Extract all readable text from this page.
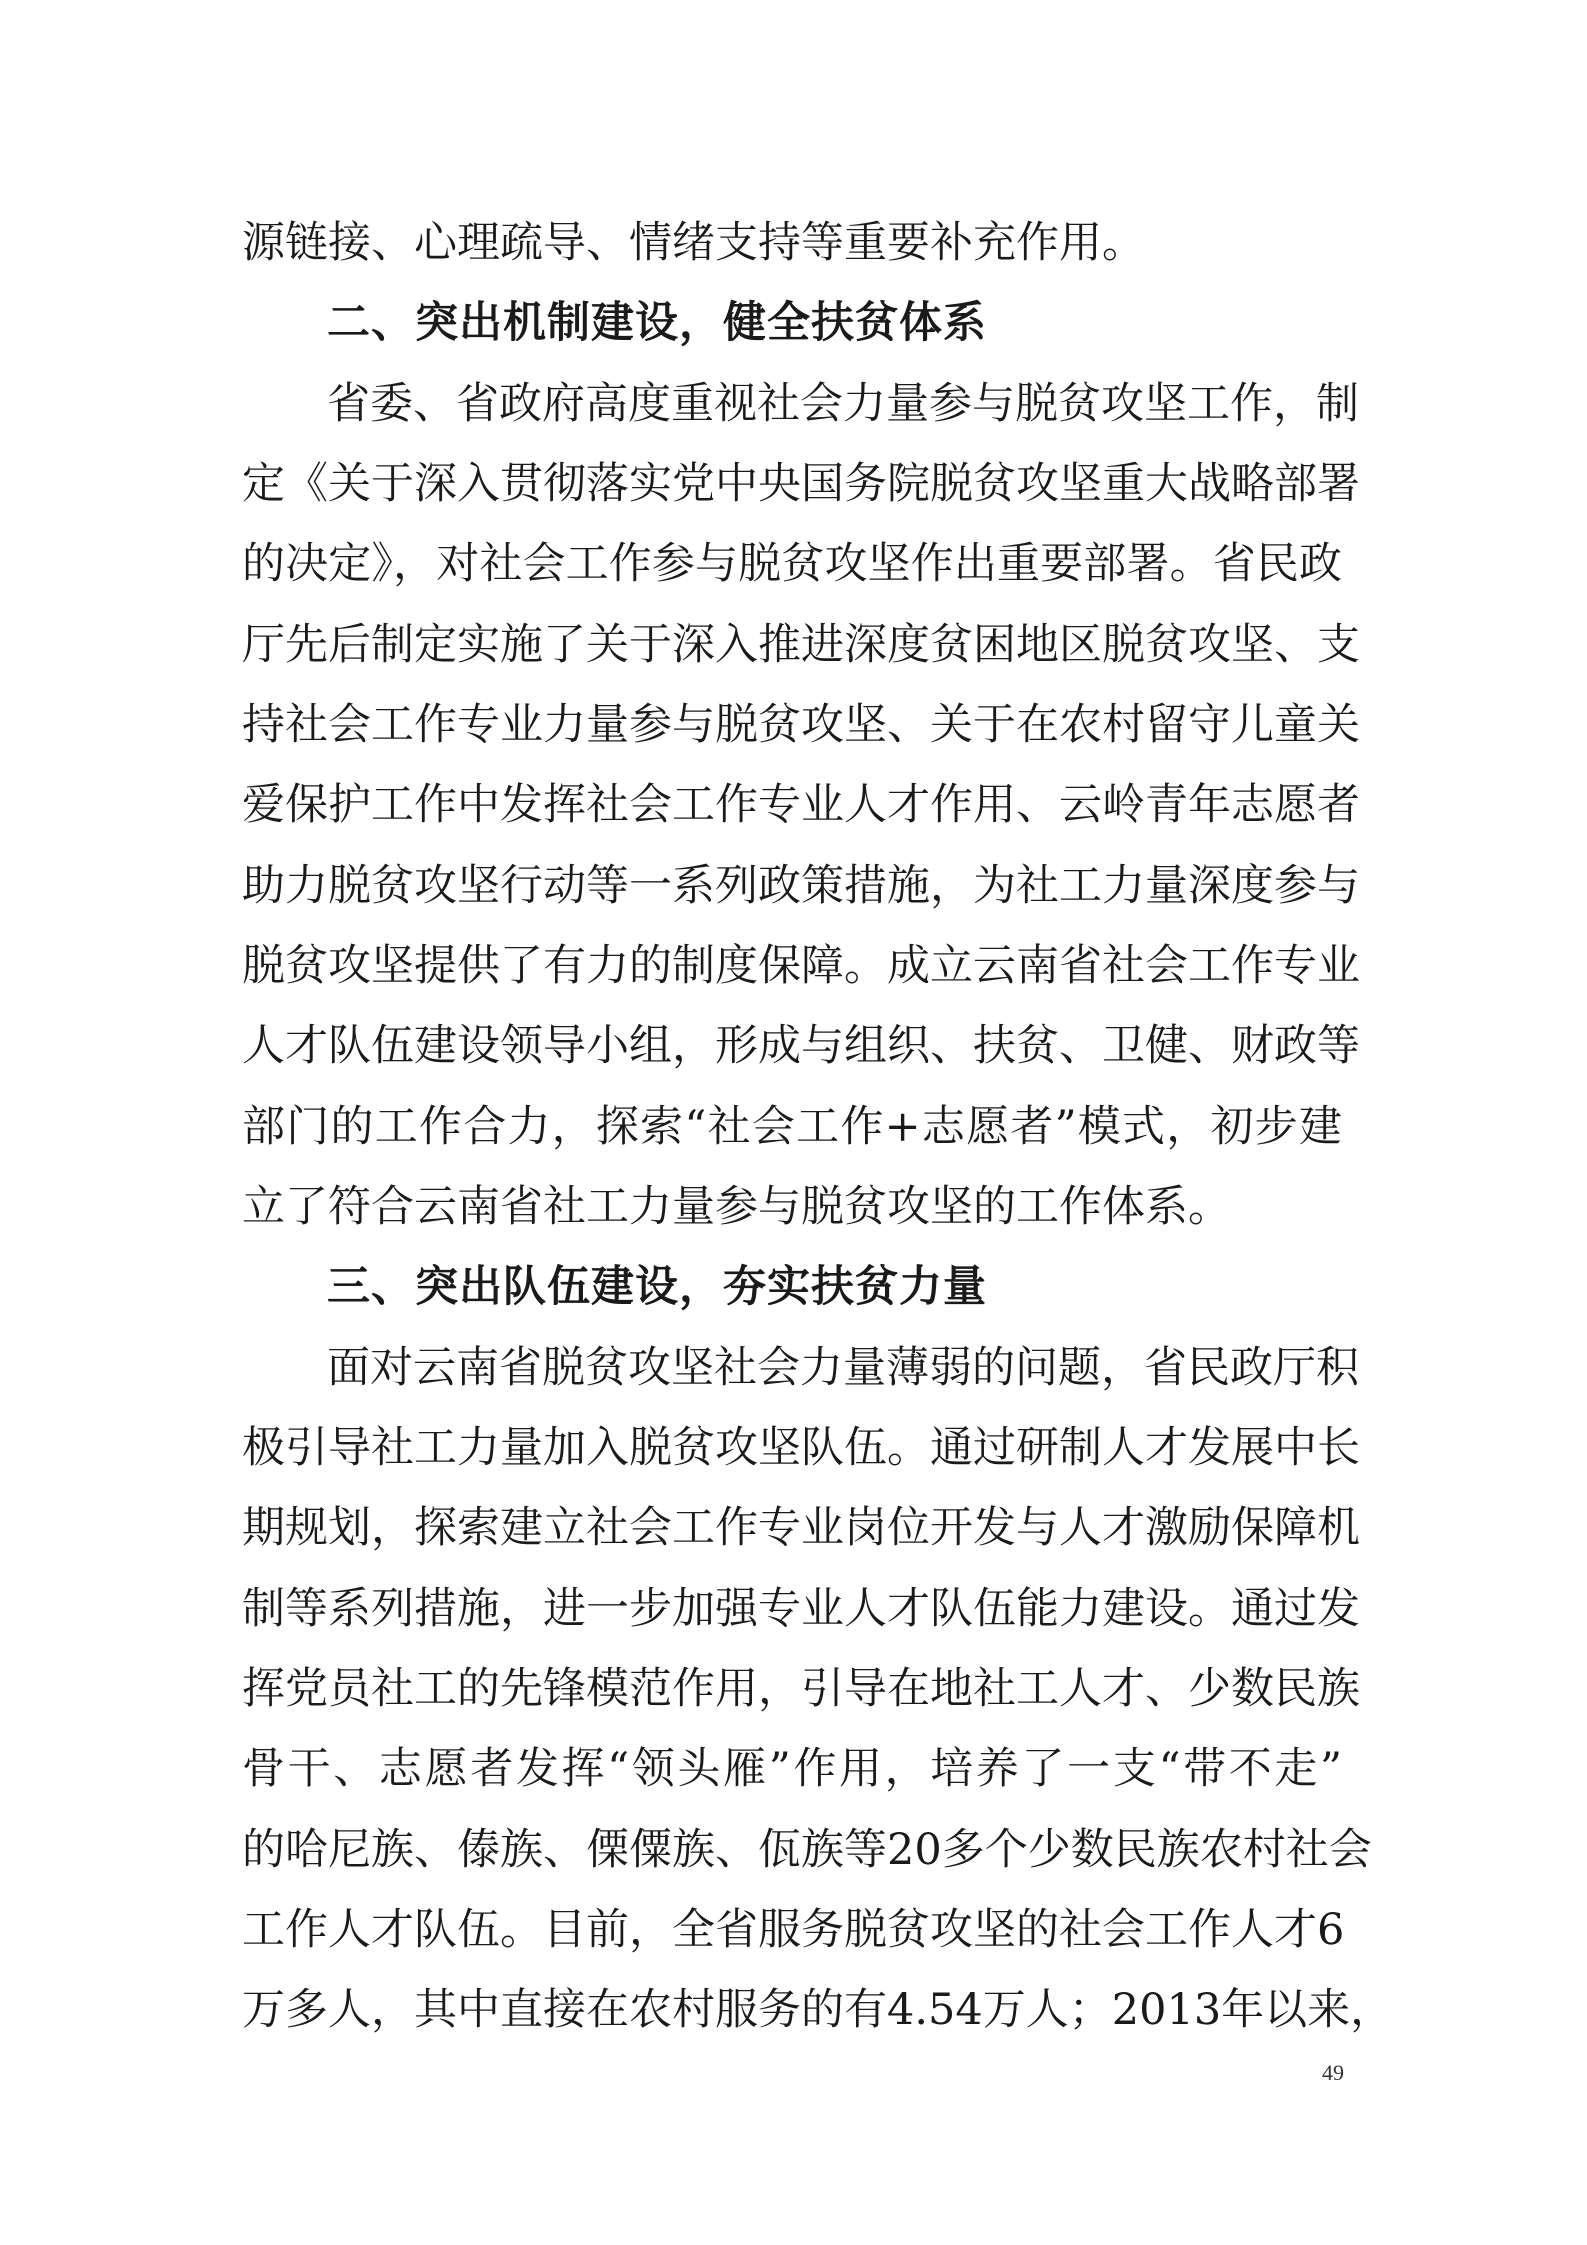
源链接、心理疏导、情绪支持等重要补充作用。
二、突出机制建设，健全扶贫体系
省委、省政府高度重视社会力量参与脱贫攻坚工作，制
定《关于深入贯彻落实党中央国务院脱贫攻坚重大战略部署
的决定》，对社会工作参与脱贫攻坚作出重要部署。省民政
厅先后制定实施了关于深入推进深度贫困地区脱贫攻坚、支
持社会工作专业力量参与脱贫攻坚、关于在农村留守儿童关
爱保护工作中发挥社会工作专业人才作用、云岭青年志愿者
助力脱贫攻坚行动等一系列政策措施，为社工力量深度参与
脱贫攻坚提供了有力的制度保障。成立云南省社会工作专业
人才队伍建设领导小组，形成与组织、扶贫、卫健、财政等
部门的工作合力，探索“社会工作+志愿者”模式，初步建
立了符合云南省社工力量参与脱贫攻坚的工作体系。
三、突出队伍建设，夯实扶贫力量
面对云南省脱贫攻坚社会力量薄弱的问题，省民政厅积
极引导社工力量加入脱贫攻坚队伍。通过研制人才发展中长
期规划，探索建立社会工作专业岗位开发与人才激励保障机
制等系列措施，进一步加强专业人才队伍能力建设。通过发
挥党员社工的先锋模范作用，引导在地社工人才、少数民族
骨干、志愿者发挥“领头雁”作用，培养了一支“带不走”
的哈尼族、傣族、傈僳族、佤族等20多个少数民族农村社会
工作人才队伍。目前，全省服务脱贫攻坚的社会工作人才6
万多人，其中直接在农村服务的有4.54万人；2013年以来，
49
